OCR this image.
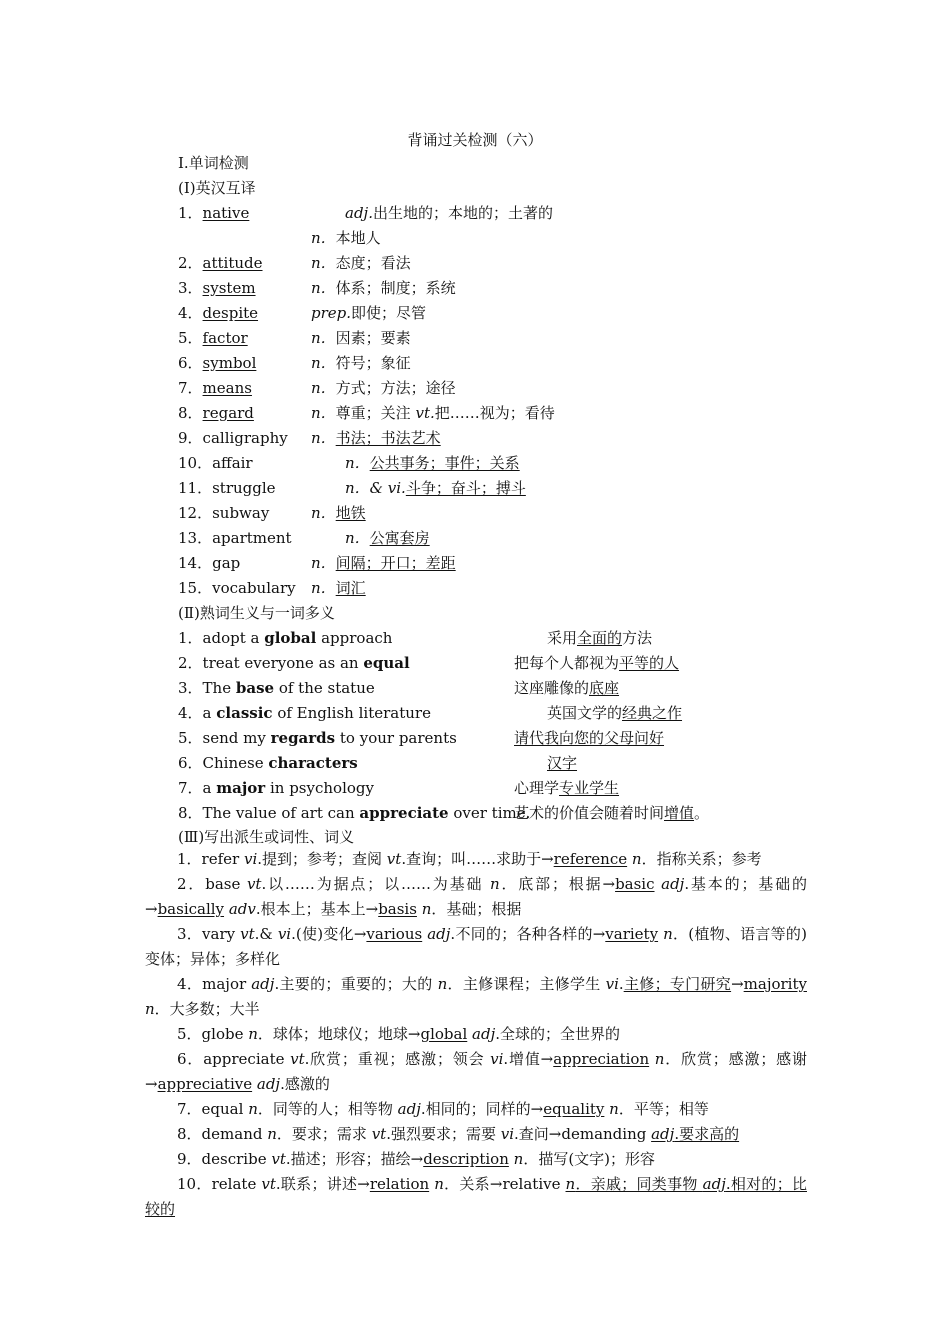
背诵过关检测（六）
Ⅰ.单词检测
(Ⅰ)英汉互译
1．native	adj.出生地的；本地的；土著的
n．本地人
2．attitude	n．态度；看法
3．system	n．体系；制度；系统
4．despite	prep.即使；尽管
5．factor	n．因素；要素
6．symbol	n．符号；象征
7．means	n．方式；方法；途径
8．regard	n．尊重；关注 vt.把……视为；看待
9．calligraphy n．书法；书法艺术
10．affair	n．公共事务；事件；关系
11．struggle	n．& vi.斗争；奋斗；搏斗
12．subway	n．地铁
13．apartment	n．公寓套房
14．gap	n．间隔；开口；差距
15．vocabulary n．词汇
(Ⅱ)熟词生义与一词多义
1．adopt a global approach	采用全面的方法
2．treat everyone as an equal	把每个人都视为平等的人
3．The base of the statue	这座雕像的底座
4．a classic of English literature	英国文学的经典之作
5．send my regards to your parents	请代我向您的父母问好
6．Chinese characters	汉字
7．a major in psychology	心理学专业学生
8．The value of art can appreciate over time.
艺术的价值会随着时间增值。
(Ⅲ)写出派生或词性、词义
1．refer vi.提到；参考；查阅 vt.查询；叫……求助于→reference n．指称关系；参考
2．base vt.以……为据点；以……为基础 n．底部；根据→basic adj.基本的；基础的→basically adv.根本上；基本上→basis n．基础；根据
3．vary vt.& vi.(使)变化→various adj.不同的；各种各样的→variety n．(植物、语言等的)变体；异体；多样化
4．major adj.主要的；重要的；大的 n．主修课程；主修学生 vi.主修；专门研究→majority n．大多数；大半
5．globe n．球体；地球仪；地球→global adj.全球的；全世界的
6．appreciate vt.欣赏；重视；感激；领会 vi.增值→appreciation n．欣赏；感激；感谢→appreciative adj.感激的
7．equal n．同等的人；相等物 adj.相同的；同样的→equality n．平等；相等
8．demand n．要求；需求 vt.强烈要求；需要 vi.查问→demanding adj.要求高的
9．describe vt.描述；形容；描绘→description n．描写(文字)；形容
10．relate vt.联系；讲述→relation n．关系→relative n．亲戚；同类事物 adj.相对的；比较的
